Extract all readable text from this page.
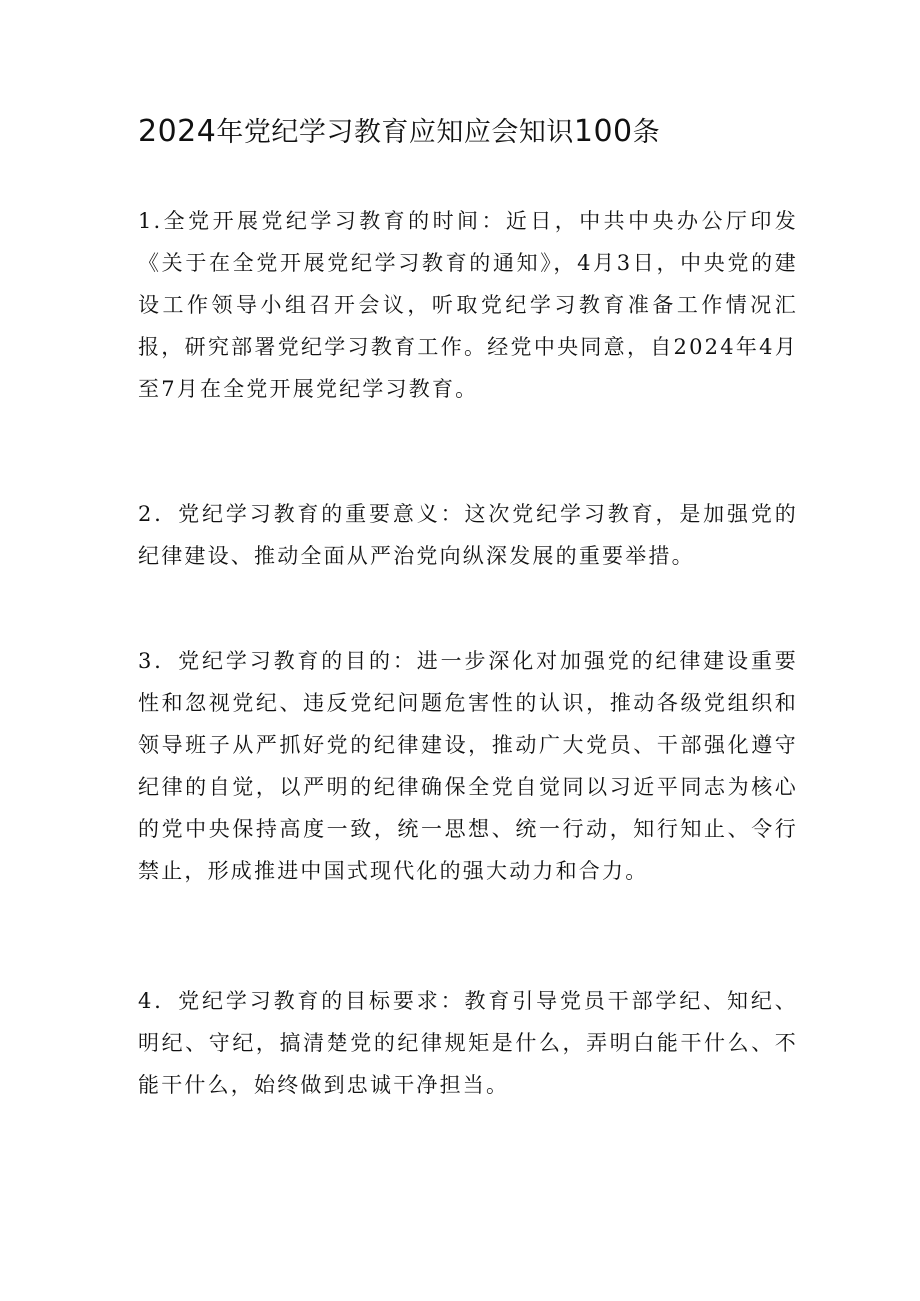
2024年党纪学习教育应知应会知识100条

1.全党开展党纪学习教育的时间：近日，中共中央办公厅印发《关于在全党开展党纪学习教育的通知》，4月3日，中央党的建设工作领导小组召开会议，听取党纪学习教育准备工作情况汇报，研究部署党纪学习教育工作。经党中央同意，自2024年4月至7月在全党开展党纪学习教育。

2．党纪学习教育的重要意义：这次党纪学习教育，是加强党的纪律建设、推动全面从严治党向纵深发展的重要举措。

3．党纪学习教育的目的：进一步深化对加强党的纪律建设重要性和忽视党纪、违反党纪问题危害性的认识，推动各级党组织和领导班子从严抓好党的纪律建设，推动广大党员、干部强化遵守纪律的自觉，以严明的纪律确保全党自觉同以习近平同志为核心的党中央保持高度一致，统一思想、统一行动，知行知止、令行禁止，形成推进中国式现代化的强大动力和合力。

4．党纪学习教育的目标要求：教育引导党员干部学纪、知纪、明纪、守纪，搞清楚党的纪律规矩是什么，弄明白能干什么、不能干什么，始终做到忠诚干净担当。
